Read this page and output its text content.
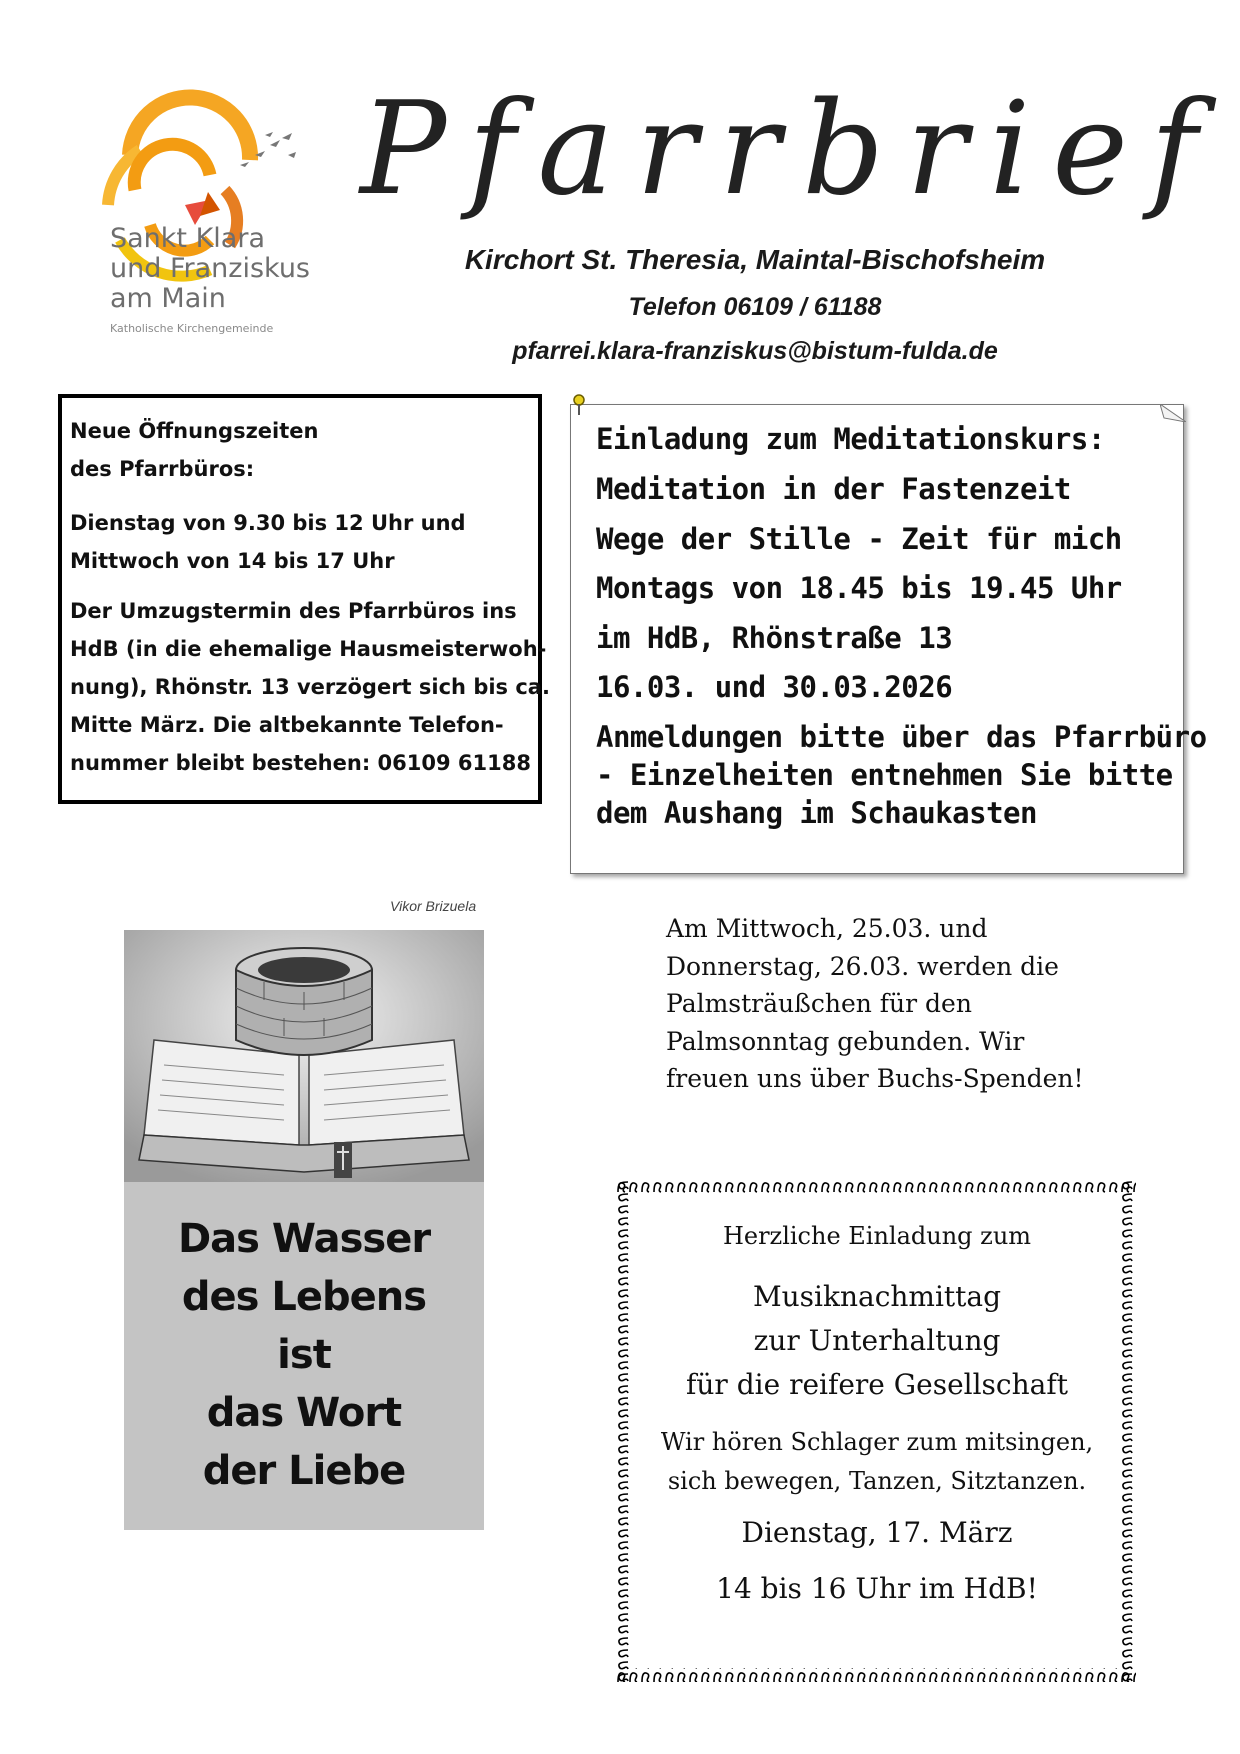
Sankt Klara
und Franziskus
am Main
Katholische Kirchengemeinde
Pfarrbrief
Kirchort St. Theresia, Maintal-Bischofsheim
Telefon 06109 / 61188
pfarrei.klara-franziskus@bistum-fulda.de

Neue Öffnungszeiten

des Pfarrbüros:

Dienstag von 9.30 bis 12 Uhr und

Mittwoch von 14 bis 17 Uhr

Der Umzugstermin des Pfarrbüros ins

HdB (in die ehemalige Hausmeisterwoh-

nung), Rhönstr. 13 verzögert sich bis ca.

Mitte März. Die altbekannte Telefon-

nummer bleibt bestehen: 06109 61188

Einladung zum Meditationskurs:
Meditation in der Fastenzeit
Wege der Stille - Zeit für mich
Montags von 18.45 bis 19.45 Uhr
im HdB, Rhönstraße 13
16.03. und 30.03.2026
Anmeldungen bitte über das Pfarrbüro
- Einzelheiten entnehmen Sie bitte
dem Aushang im Schaukasten
Vikor Brizuela
Das Wasser
des Lebens
ist
das Wort
der Liebe

Am Mittwoch, 25.03. und

Donnerstag, 26.03. werden die

Palmsträußchen für den

Palmsonntag gebunden. Wir

freuen uns über Buchs-Spenden!

Herzliche Einladung zum
Musiknachmittag
zur Unterhaltung
für die reifere Gesellschaft
Wir hören Schlager zum mitsingen,
sich bewegen, Tanzen, Sitztanzen.
Dienstag, 17. März
14 bis 16 Uhr im HdB!
